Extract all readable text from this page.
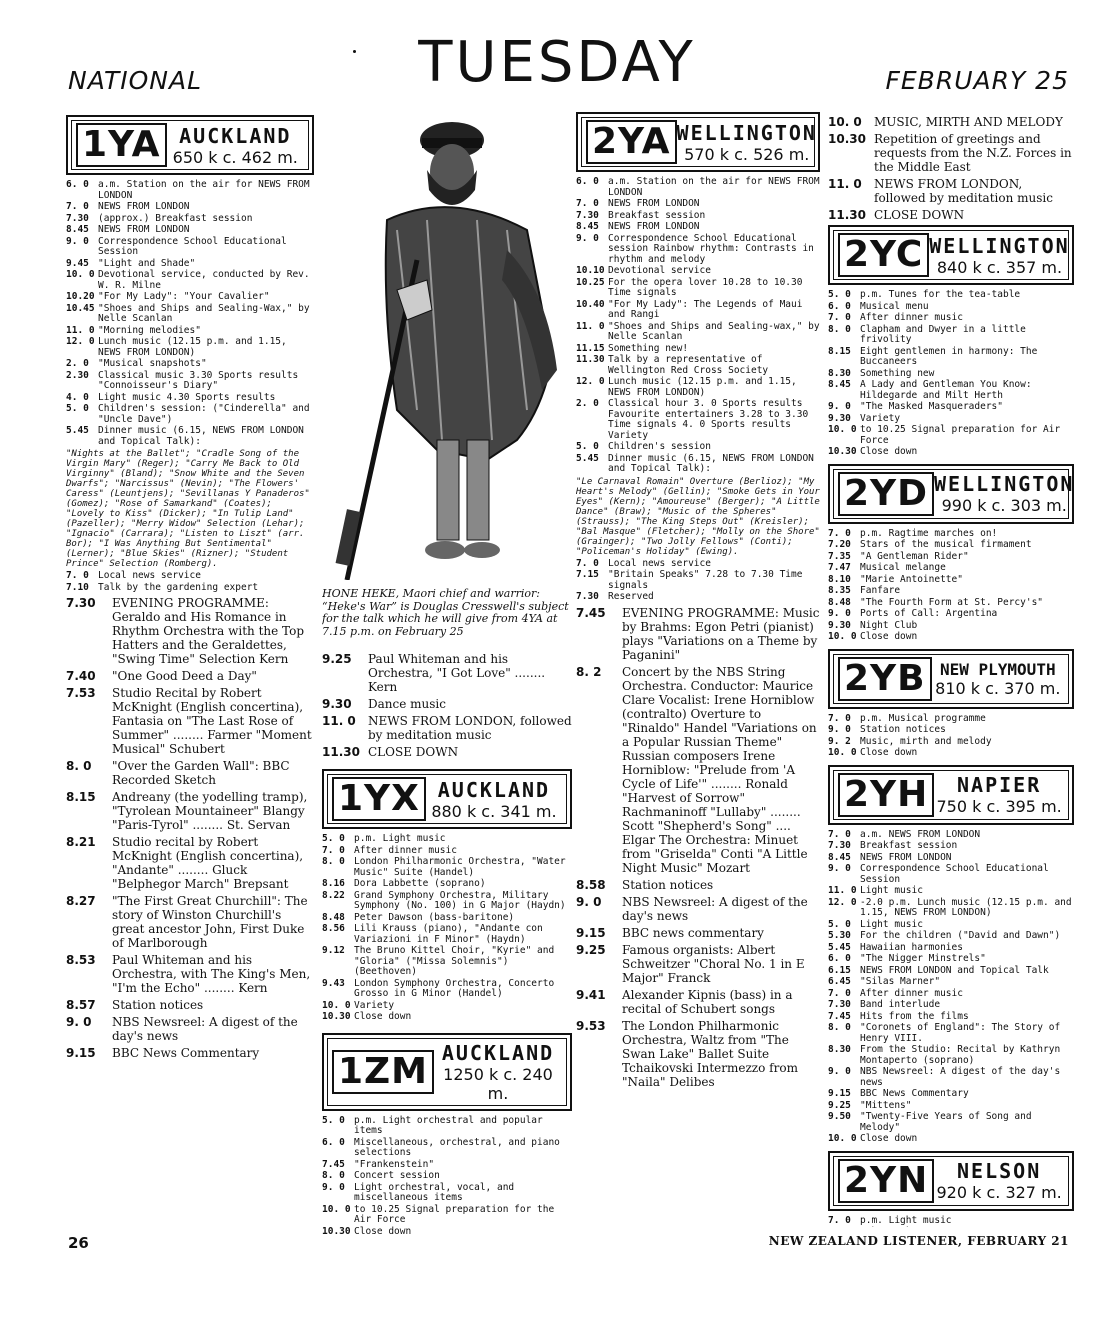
NATIONAL	TUESDAY	FEBRUARY 25
1YA AUCKLAND
650 k c. 462 m.
6. 0 a.m. Station on the air for NEWS FROM LONDON
7. 0 NEWS FROM LONDON
7.30 (approx.) Breakfast session
8.45 NEWS FROM LONDON
9. 0 Correspondence School Educational Session
9.45 "Light and Shade"
10. 0 Devotional service, conducted by Rev. W. R. Milne
10.20 "For My Lady": "Your Cavalier"
10.45 "Shoes and Ships and Sealing-Wax," by Nelle Scanlan
11. 0 "Morning melodies"
12. 0 Lunch music (12.15 p.m. and 1.15, NEWS FROM LONDON)
2. 0 "Musical snapshots"
2.30 Classical music 3.30 Sports results "Connoisseur's Diary"
4. 0 Light music 4.30 Sports results
5. 0 Children's session: ("Cinderella" and "Uncle Dave")
5.45 Dinner music (6.15, NEWS FROM LONDON and Topical Talk):
"Nights at the Ballet"; "Cradle Song of the Virgin Mary" (Reger); "Carry Me Back to Old Virginny" (Bland); "Snow White and the Seven Dwarfs"; "Narcissus" (Nevin); "The Flowers' Caress" (Leuntjens); "Sevillanas Y Panaderos" (Gomez); "Rose of Samarkand" (Coates); "Lovely to Kiss" (Dicker); "In Tulip Land" (Pazeller); "Merry Widow" Selection (Lehar); "Ignacio" (Carrara); "Listen to Liszt" (arr. Bor); "I Was Anything But Sentimental" (Lerner); "Blue Skies" (Rizner); "Student Prince" Selection (Romberg).
7. 0 Local news service
7.10 Talk by the gardening expert
7.30	EVENING PROGRAMME: Geraldo and His Romance in Rhythm Orchestra with the Top Hatters and the Geraldettes, "Swing Time" Selection Kern
7.40	"One Good Deed a Day"
7.53	Studio Recital by Robert McKnight (English concertina), Fantasia on "The Last Rose of Summer" ........ Farmer "Moment Musical" Schubert
8. 0	"Over the Garden Wall": BBC Recorded Sketch
8.15	Andreany (the yodelling tramp), "Tyrolean Mountaineer" Blangy "Paris-Tyrol" ........ St. Servan
8.21	Studio recital by Robert McKnight (English concertina), "Andante" ........ Gluck "Belphegor March" Brepsant
8.27	"The First Great Churchill": The story of Winston Churchill's great ancestor John, First Duke of Marlborough
8.53	Paul Whiteman and his Orchestra, with The King's Men, "I'm the Echo" ........ Kern
8.57	Station notices
9. 0	NBS Newsreel: A digest of the day's news
9.15	BBC News Commentary
HONE HEKE, Maori chief and warrior: “Heke's War” is Douglas Cresswell's subject for the talk which he will give from 4YA at 7.15 p.m. on February 25
9.25	Paul Whiteman and his Orchestra, "I Got Love" ........ Kern
9.30	Dance music
11. 0	NEWS FROM LONDON, followed by meditation music
11.30 CLOSE DOWN
1YX AUCKLAND
880 k c. 341 m.
5. 0 p.m. Light music
7. 0 After dinner music
8. 0 London Philharmonic Orchestra, "Water Music" Suite (Handel)
8.16 Dora Labbette (soprano)
8.22 Grand Symphony Orchestra, Military Symphony (No. 100) in G Major (Haydn)
8.48 Peter Dawson (bass-baritone)
8.56 Lili Krauss (piano), "Andante con Variazioni in F Minor" (Haydn)
9.12 The Bruno Kittel Choir, "Kyrie" and "Gloria" ("Missa Solemnis") (Beethoven)
9.43 London Symphony Orchestra, Concerto Grosso in G Minor (Handel)
10. 0 Variety
10.30 Close down
1ZM AUCKLAND
1250 k c. 240 m.
5. 0 p.m. Light orchestral and popular items
6. 0 Miscellaneous, orchestral, and piano selections
7.45 "Frankenstein"
8. 0 Concert session
9. 0 Light orchestral, vocal, and miscellaneous items
10. 0 to 10.25 Signal preparation for the Air Force
10.30 Close down
2YA WELLINGTON
570 k c. 526 m.
6. 0 a.m. Station on the air for NEWS FROM LONDON
7. 0 NEWS FROM LONDON
7.30 Breakfast session
8.45 NEWS FROM LONDON
9. 0 Correspondence School Educational session Rainbow rhythm: Contrasts in rhythm and melody
10.10 Devotional service
10.25 For the opera lover 10.28 to 10.30 Time signals
10.40 "For My Lady": The Legends of Maui and Rangi
11. 0 "Shoes and Ships and Sealing-wax," by Nelle Scanlan
11.15 Something new!
11.30 Talk by a representative of Wellington Red Cross Society
12. 0 Lunch music (12.15 p.m. and 1.15, NEWS FROM LONDON)
2. 0 Classical hour 3. 0 Sports results Favourite entertainers 3.28 to 3.30 Time signals 4. 0 Sports results Variety
5. 0 Children's session
5.45 Dinner music (6.15, NEWS FROM LONDON and Topical Talk):
"Le Carnaval Romain" Overture (Berlioz); "My Heart's Melody" (Gellin); "Smoke Gets in Your Eyes" (Kern); "Amoureuse" (Berger); "A Little Dance" (Braw); "Music of the Spheres" (Strauss); "The King Steps Out" (Kreisler); "Bal Masque" (Fletcher); "Molly on the Shore" (Grainger); "Two Jolly Fellows" (Conti); "Policeman's Holiday" (Ewing).
7. 0 Local news service
7.15 "Britain Speaks" 7.28 to 7.30 Time signals
7.30 Reserved
7.45	EVENING PROGRAMME: Music by Brahms: Egon Petri (pianist) plays "Variations on a Theme by Paganini"
8. 2	Concert by the NBS String Orchestra. Conductor: Maurice Clare Vocalist: Irene Horniblow (contralto) Overture to "Rinaldo" Handel "Variations on a Popular Russian Theme" Russian composers Irene Horniblow: "Prelude from 'A Cycle of Life'" ........ Ronald "Harvest of Sorrow" Rachmaninoff "Lullaby" ........ Scott "Shepherd's Song" .... Elgar The Orchestra: Minuet from "Griselda" Conti "A Little Night Music" Mozart
8.58	Station notices
9. 0	NBS Newsreel: A digest of the day's news
9.15	BBC news commentary
9.25	Famous organists: Albert Schweitzer "Choral No. 1 in E Major" Franck
9.41	Alexander Kipnis (bass) in a recital of Schubert songs
9.53	The London Philharmonic Orchestra, Waltz from "The Swan Lake" Ballet Suite Tchaikovski Intermezzo from "Naila" Delibes
10. 0	MUSIC, MIRTH AND MELODY
10.30 Repetition of greetings and requests from the N.Z. Forces in the Middle East
11. 0	NEWS FROM LONDON, followed by meditation music
11.30 CLOSE DOWN
2YC WELLINGTON
840 k c. 357 m.
5. 0 p.m. Tunes for the tea-table
6. 0 Musical menu
7. 0 After dinner music
8. 0 Clapham and Dwyer in a little frivolity
8.15 Eight gentlemen in harmony: The Buccaneers
8.30 Something new
8.45 A Lady and Gentleman You Know: Hildegarde and Milt Herth
9. 0 "The Masked Masqueraders"
9.30 Variety
10. 0 to 10.25 Signal preparation for Air Force
10.30 Close down
2YD WELLINGTON
990 k c. 303 m.
7. 0 p.m. Ragtime marches on!
7.20 Stars of the musical firmament
7.35 "A Gentleman Rider"
7.47 Musical melange
8.10 "Marie Antoinette"
8.35 Fanfare
8.48 "The Fourth Form at St. Percy's"
9. 0 Ports of Call: Argentina
9.30 Night Club
10. 0 Close down
2YB NEW PLYMOUTH
810 k c. 370 m.
7. 0 p.m. Musical programme
9. 0 Station notices
9. 2 Music, mirth and melody
10. 0 Close down
2YH	NAPIER
750 k c. 395 m.
7. 0 a.m. NEWS FROM LONDON
7.30 Breakfast session
8.45 NEWS FROM LONDON
9. 0 Correspondence School Educational Session
11. 0 Light music
12. 0 -2.0 p.m. Lunch music (12.15 p.m. and 1.15, NEWS FROM LONDON)
5. 0 Light music
5.30 For the children ("David and Dawn")
5.45 Hawaiian harmonies
6. 0 "The Nigger Minstrels"
6.15 NEWS FROM LONDON and Topical Talk
6.45 "Silas Marner"
7. 0 After dinner music
7.30 Band interlude
7.45 Hits from the films
8. 0 "Coronets of England": The Story of Henry VIII.
8.30 From the Studio: Recital by Kathryn Montaperto (soprano)
9. 0 NBS Newsreel: A digest of the day's news
9.15 BBC News Commentary
9.25 "Mittens"
9.50 "Twenty-Five Years of Song and Melody"
10. 0 Close down
2YN	NELSON
920 k c. 327 m.
7. 0 p.m. Light music
26	NEW ZEALAND LISTENER, FEBRUARY 21
